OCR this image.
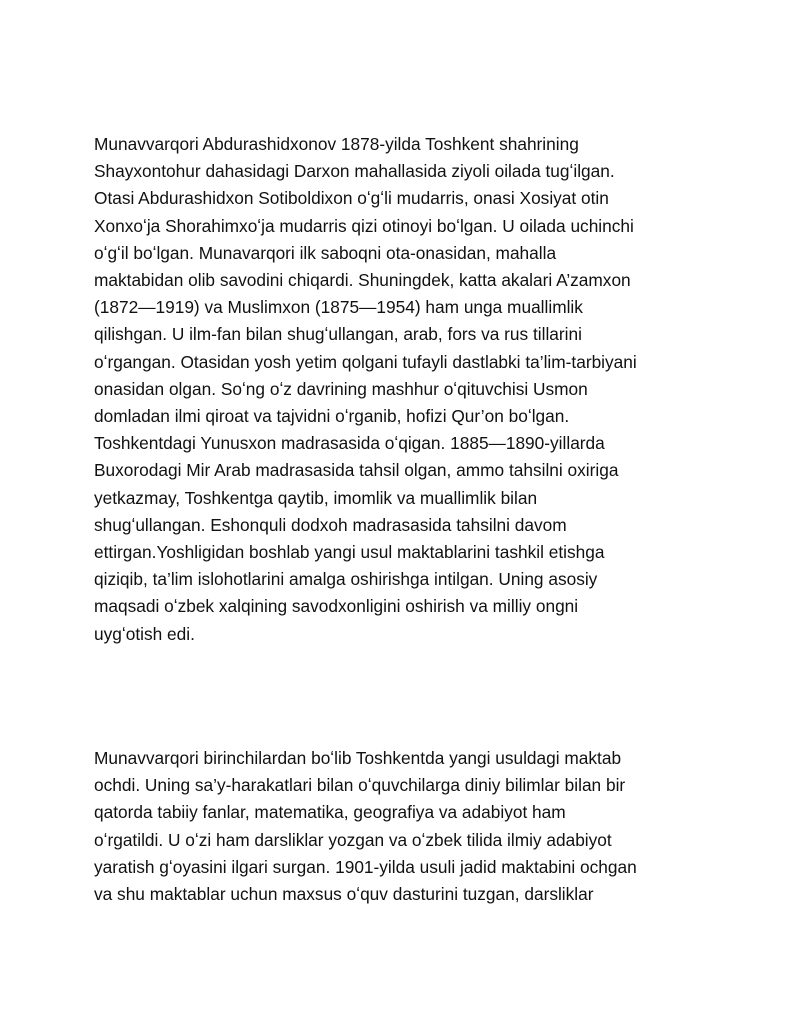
Munavvarqori Abdurashidxonov 1878-yilda Toshkent shahrining
Shayxontohur dahasidagi Darxon mahallasida ziyoli oilada tugʻilgan.
Otasi Abdurashidxon Sotiboldixon oʻgʻli mudarris, onasi Xosiyat otin
Xonxoʻja Shorahimxoʻja mudarris qizi otinoyi boʻlgan. U oilada uchinchi
oʻgʻil boʻlgan. Munavarqori ilk saboqni ota-onasidan, mahalla
maktabidan olib savodini chiqardi. Shuningdek, katta akalari A’zamxon
(1872—1919) va Muslimxon (1875—1954) ham unga muallimlik
qilishgan. U ilm-fan bilan shugʻullangan, arab, fors va rus tillarini
oʻrgangan. Otasidan yosh yetim qolgani tufayli dastlabki ta’lim-tarbiyani
onasidan olgan. Soʻng oʻz davrining mashhur oʻqituvchisi Usmon
domladan ilmi qiroat va tajvidni oʻrganib, hofizi Qur’on boʻlgan.
Toshkentdagi Yunusxon madrasasida oʻqigan. 1885—1890-yillarda
Buxorodagi Mir Arab madrasasida tahsil olgan, ammo tahsilni oxiriga
yetkazmay, Toshkentga qaytib, imomlik va muallimlik bilan
shugʻullangan. Eshonquli dodxoh madrasasida tahsilni davom
ettirgan.Yoshligidan boshlab yangi usul maktablarini tashkil etishga
qiziqib, ta’lim islohotlarini amalga oshirishga intilgan. Uning asosiy
maqsadi oʻzbek xalqining savodxonligini oshirish va milliy ongni
uygʻotish edi.

Munavvarqori birinchilardan boʻlib Toshkentda yangi usuldagi maktab
ochdi. Uning sa’y-harakatlari bilan oʻquvchilarga diniy bilimlar bilan bir
qatorda tabiiy fanlar, matematika, geografiya va adabiyot ham
oʻrgatildi. U oʻzi ham darsliklar yozgan va oʻzbek tilida ilmiy adabiyot
yaratish gʻoyasini ilgari surgan. 1901-yilda usuli jadid maktabini ochgan
va shu maktablar uchun maxsus oʻquv dasturini tuzgan, darsliklar
